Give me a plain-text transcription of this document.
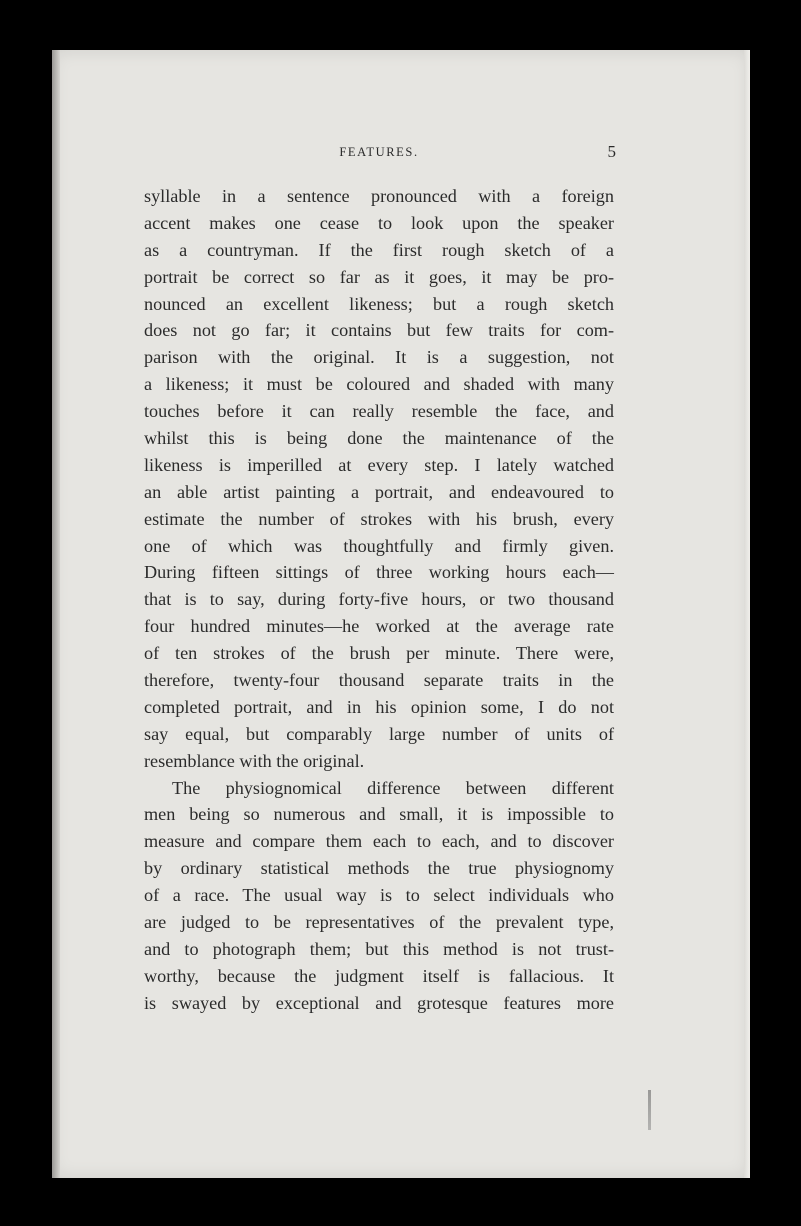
FEATURES.	5
syllable in a sentence pronounced with a foreign
accent makes one cease to look upon the speaker
as a countryman. If the first rough sketch of a
portrait be correct so far as it goes, it may be pro-
nounced an excellent likeness; but a rough sketch
does not go far; it contains but few traits for com-
parison with the original. It is a suggestion, not
a likeness; it must be coloured and shaded with many
touches before it can really resemble the face, and
whilst this is being done the maintenance of the
likeness is imperilled at every step. I lately watched
an able artist painting a portrait, and endeavoured to
estimate the number of strokes with his brush, every
one of which was thoughtfully and firmly given.
During fifteen sittings of three working hours each—
that is to say, during forty-five hours, or two thousand
four hundred minutes—he worked at the average rate
of ten strokes of the brush per minute. There were,
therefore, twenty-four thousand separate traits in the
completed portrait, and in his opinion some, I do not
say equal, but comparably large number of units of
resemblance with the original.
The physiognomical difference between different
men being so numerous and small, it is impossible to
measure and compare them each to each, and to discover
by ordinary statistical methods the true physiognomy
of a race. The usual way is to select individuals who
are judged to be representatives of the prevalent type,
and to photograph them; but this method is not trust-
worthy, because the judgment itself is fallacious. It
is swayed by exceptional and grotesque features more
